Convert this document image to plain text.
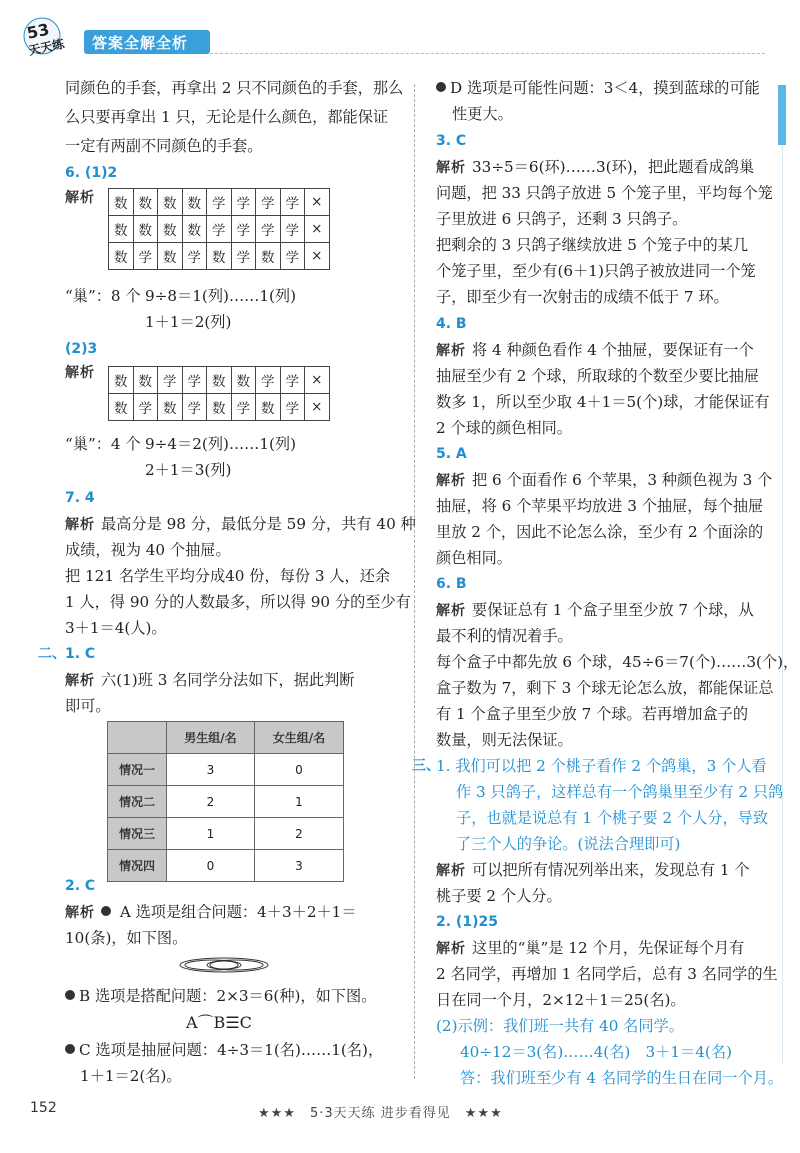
53
天天练 答案全解全析
同颜色的手套，再拿出 2 只不同颜色的手套，那么
么只要再拿出 1 只，无论是什么颜色，都能保证
一定有两副不同颜色的手套。
6. (1)2
解析 数	数	数	数	学	学	学	学	×
数	数	数	数	学	学	学	学	×
数	学	数	学	数	学	数	学	×
“巢”：8 个 9÷8＝1(列)……1(列)
1＋1＝2(列)
(2)3
解析
数	数	学	学	数	数	学	学	×
数	学	数	学	数	学	数	学	×
“巢”：4 个 9÷4＝2(列)……1(列)
2＋1＝3(列)
7. 4
解析 最高分是 98 分，最低分是 59 分，共有 40 种
成绩，视为 40 个抽屉。
把 121 名学生平均分成40 份，每份 3 人，还余
1 人，得 90 分的人数最多，所以得 90 分的至少有
3＋1＝4(人)。
二、 1. C
解析 六(1)班 3 名同学分法如下，据此判断
即可。
	男生组/名	女生组/名
情况一	3	0
情况二	2	1
情况三	1	2
情况四	0	3
2. C
解析 A 选项是组合问题：4＋3＋2＋1＝
10(条)，如下图。
B 选项是搭配问题：2×3＝6(种)，如下图。
A⌒B☰C
C 选项是抽屉问题：4÷3＝1(名)……1(名)，
1＋1＝2(名)。
D 选项是可能性问题：3＜4，摸到蓝球的可能
性更大。
3. C
解析 33÷5＝6(环)……3(环)，把此题看成鸽巢
问题，把 33 只鸽子放进 5 个笼子里，平均每个笼
子里放进 6 只鸽子，还剩 3 只鸽子。
把剩余的 3 只鸽子继续放进 5 个笼子中的某几
个笼子里，至少有(6＋1)只鸽子被放进同一个笼
子，即至少有一次射击的成绩不低于 7 环。
4. B
解析 将 4 种颜色看作 4 个抽屉，要保证有一个
抽屉至少有 2 个球，所取球的个数至少要比抽屉
数多 1，所以至少取 4＋1＝5(个)球，才能保证有
2 个球的颜色相同。
5. A
解析 把 6 个面看作 6 个苹果，3 种颜色视为 3 个
抽屉，将 6 个苹果平均放进 3 个抽屉，每个抽屉
里放 2 个，因此不论怎么涂，至少有 2 个面涂的
颜色相同。
6. B
解析 要保证总有 1 个盒子里至少放 7 个球，从
最不利的情况着手。
每个盒子中都先放 6 个球，45÷6＝7(个)……3(个)，
盒子数为 7，剩下 3 个球无论怎么放，都能保证总
有 1 个盒子里至少放 7 个球。若再增加盒子的
数量，则无法保证。
三、
1. 我们可以把 2 个桃子看作 2 个鸽巢，3 个人看
作 3 只鸽子，这样总有一个鸽巢里至少有 2 只鸽
子，也就是说总有 1 个桃子要 2 个人分，导致
了三个人的争论。(说法合理即可)
解析 可以把所有情况列举出来，发现总有 1 个
桃子要 2 个人分。
2. (1)25
解析 这里的“巢”是 12 个月，先保证每个月有
2 名同学，再增加 1 名同学后，总有 3 名同学的生
日在同一个月，2×12＋1＝25(名)。
(2)示例：我们班一共有 40 名同学。
40÷12＝3(名)……4(名)　3＋1＝4(名)
答：我们班至少有 4 名同学的生日在同一个月。
152	★★★　5·3天天练 进步看得见　★★★
